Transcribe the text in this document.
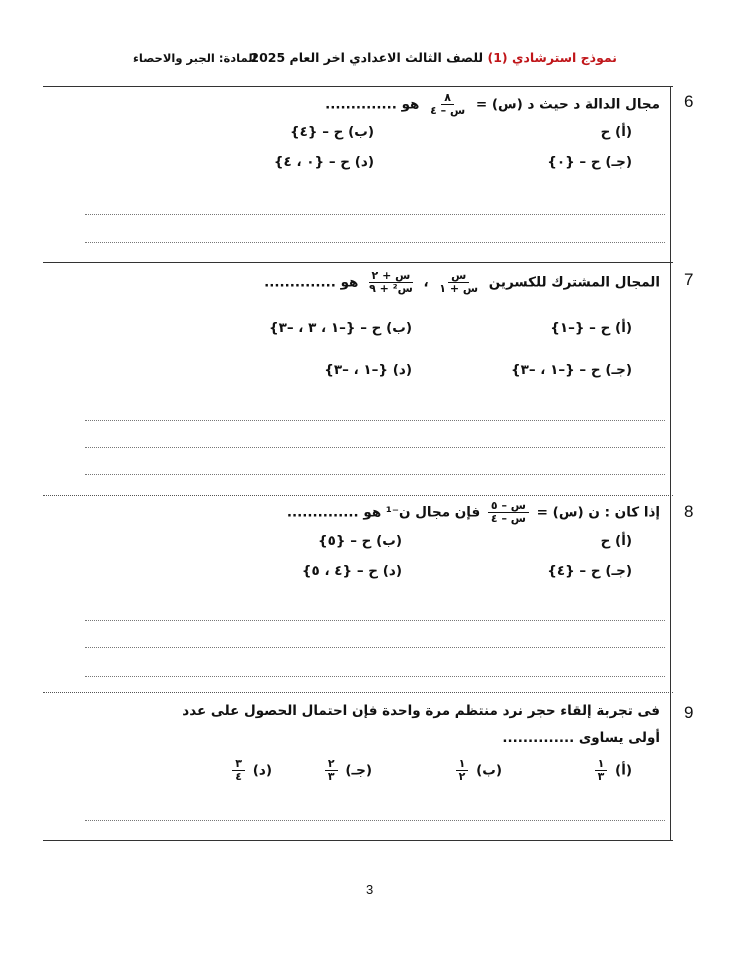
نموذج استرشادي (1) للصف الثالث الاعدادي اخر العام 2025
المادة: الجبر والاحصاء
6
مجال الدالة د حيث د (س) =
$\frac{٨}{\text{س – ٤}}$
هو ..............
(أ) ح
(ب) ح – {٤}
(جـ) ح – {٠}
(د) ح – {٠ ، ٤}
7
المجال المشترك للكسرين
$\frac{\text{س}}{\text{س + ١}}$
،
$\frac{\text{س + ٢}}{\text{س² + ٩}}$
هو ..............
(أ) ح – {–١}
(ب) ح – {–١ ، ٣ ، –٣}
(جـ) ح – {–١ ، –٣}
(د) {–١ ، –٣}
8
إذا كان : ن (س) =
$\frac{\text{س – ٥}}{\text{س – ٤}}$
فإن مجال ن⁻¹ هو ..............
(أ) ح
(ب) ح – {٥}
(جـ) ح – {٤}
(د) ح – {٤ ، ٥}
9
فى تجربة إلقاء حجر نرد منتظم مرة واحدة فإن احتمال الحصول على عدد
أولى يساوى ..............
(أ)
$\frac{١}{٣}$
(ب)
$\frac{١}{٢}$
(جـ)
$\frac{٢}{٣}$
(د)
$\frac{٣}{٤}$
3
